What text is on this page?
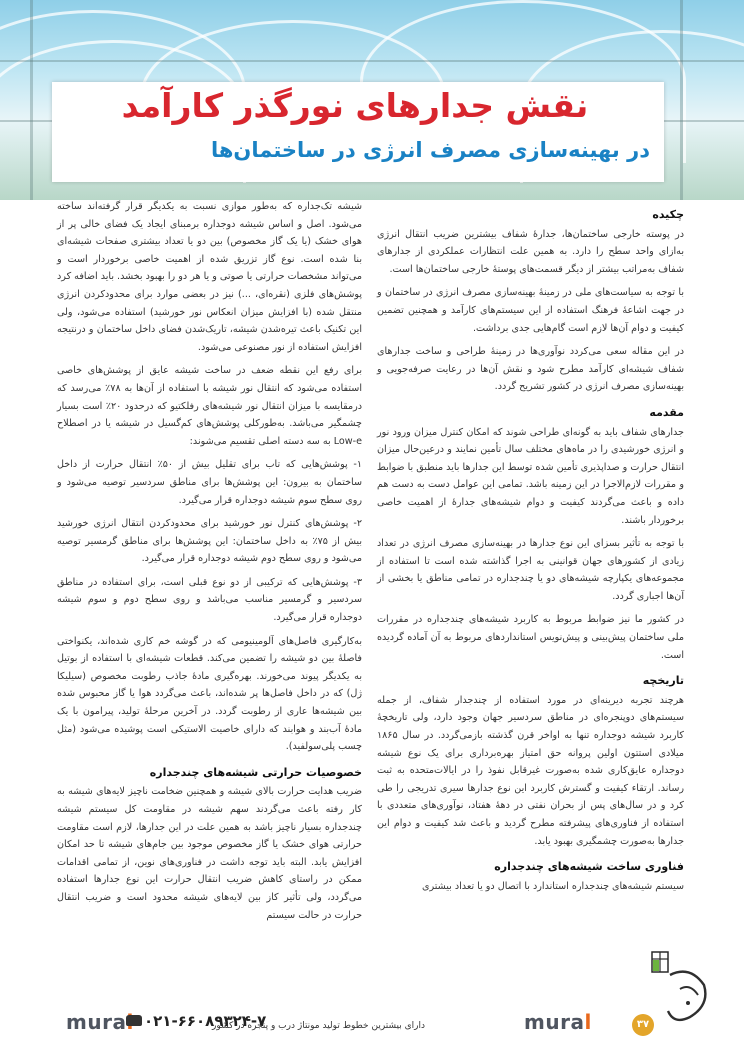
نقش جدارهای نورگذر کارآمد
در بهینه‌سازی مصرف انرژی در ساختمان‌ها
چکیده

در پوسته خارجی ساختمان‌ها، جدارهٔ شفاف بیشترین ضریب انتقال انرژی به‌ازای واحد سطح را دارد. به همین علت انتظارات عملکردی از جدارهای شفاف به‌مراتب بیشتر از دیگر قسمت‌های پوستهٔ خارجی ساختمان‌ها است.

با توجه به سیاست‌های ملی در زمینهٔ بهینه‌سازی مصرف انرژی در ساختمان و در جهت اشاعهٔ فرهنگ استفاده از این سیستم‌های کارآمد و همچنین تضمین کیفیت و دوام آن‌ها لازم است گام‌هایی جدی برداشت.

در این مقاله سعی می‌کردد نوآوری‌ها در زمینهٔ طراحی و ساخت جدارهای شفاف شیشه‌ای کارآمد مطرح شود و نقش آن‌ها در رعایت صرفه‌جویی و بهینه‌سازی مصرف انرژی در کشور تشریح گردد.

مقدمه

جدارهای شفاف باید به گونه‌ای طراحی شوند که امکان کنترل میزان ورود نور و انرژی خورشیدی را در ماه‌های مختلف سال تأمین نمایند و درعین‌حال میزان انتقال حرارت و صداپذیری تأمین شده توسط این جدارها باید منطبق با ضوابط و مقررات لازم‌الاجرا در این زمینه باشد. تمامی این عوامل دست به دست هم داده و باعث می‌گردند کیفیت و دوام شیشه‌های جدارهٔ از اهمیت خاصی برخوردار باشند.

با توجه به تأثیر بسزای این نوع جدارها در بهینه‌سازی مصرف انرژی در تعداد زیادی از کشورهای جهان قوانینی به اجرا گذاشته شده است تا استفاده از مجموعه‌های یکپارچه شیشه‌های دو یا چندجداره در تمامی مناطق یا بخشی از آن‌ها اجباری گردد.

در کشور ما نیز ضوابط مربوط به کاربرد شیشه‌های چندجداره در مقررات ملی ساختمان پیش‌بینی و پیش‌نویس استانداردهای مربوط به آن آماده گردیده است.

تاریخچه

هرچند تجربه دیرینه‌ای در مورد استفاده از چندجدار شفاف، از جمله سیستم‌های دوپنجره‌ای در مناطق سردسیر جهان وجود دارد، ولی تاریخچهٔ کاربرد شیشه دوجداره تنها به اواخر قرن گذشته بازمی‌گردد. در سال ۱۸۶۵ میلادی استتون اولین پروانه حق امتیاز بهره‌برداری برای یک نوع شیشه دوجداره عایق‌کاری شده به‌صورت غیرقابل نفوذ را در ایالات‌متحده به ثبت رساند. ارتقاء کیفیت و گسترش کاربرد این نوع جدارها سیری تدریجی را طی کرد و در سال‌های پس از بحران نفتی در دههٔ هفتاد، نوآوری‌های متعددی با استفاده از فناوری‌های پیشرفته مطرح گردید و باعث شد کیفیت و دوام این جدارها به‌صورت چشمگیری بهبود یابد.

فناوری ساخت شیشه‌های چندجداره

سیستم شیشه‌های چندجداره استاندارد با اتصال دو یا تعداد بیشتری

شیشه تک‌جداره که به‌طور موازی نسبت به یکدیگر قرار گرفته‌اند ساخته می‌شود. اصل و اساس شیشه دوجداره برمبنای ایجاد یک فضای خالی پر از هوای خشک (یا یک گاز مخصوص) بین دو یا تعداد بیشتری صفحات شیشه‌ای بنا شده است. نوع گاز تزریق شده از اهمیت خاصی برخوردار است و می‌تواند مشخصات حرارتی یا صوتی و یا هر دو را بهبود بخشد. باید اضافه کرد پوشش‌های فلزی (نقره‌ای، ...) نیز در بعضی موارد برای محدودکردن انرژی منتقل شده (با افزایش میزان انعکاس نور خورشید) استفاده می‌شود، ولی این تکنیک باعث تیره‌شدن شیشه، تاریک‌شدن فضای داخل ساختمان و درنتیجه افزایش استفاده از نور مصنوعی می‌شود.

برای رفع این نقطه ضعف در ساخت شیشه عایق از پوشش‌های خاصی استفاده می‌شود که انتقال نور شیشه با استفاده از آن‌ها به ۷۸٪ می‌رسد که درمقایسه با میزان انتقال نور شیشه‌های رفلکتیو که درحدود ۲۰٪ است بسیار چشمگیر می‌باشد. به‌طورکلی پوشش‌های کم‌گسیل در شیشه یا در اصطلاح Low-e به سه دسته اصلی تقسیم می‌شوند:

۱- پوشش‌هایی که تاب برای تقلیل بیش از ۵۰٪ انتقال حرارت از داخل ساختمان به بیرون: این پوشش‌ها برای مناطق سردسیر توصیه می‌شود و روی سطح سوم شیشه دوجداره قرار می‌گیرد.

۲- پوشش‌های کنترل نور خورشید برای محدودکردن انتقال انرژی خورشید بیش از ۷۵٪ به داخل ساختمان: این پوشش‌ها برای مناطق گرمسیر توصیه می‌شود و روی سطح دوم شیشه دوجداره قرار می‌گیرد.

۳- پوشش‌هایی که ترکیبی از دو نوع قبلی است، برای استفاده در مناطق سردسیر و گرمسیر مناسب می‌باشد و روی سطح دوم و سوم شیشه دوجداره قرار می‌گیرد.

به‌کارگیری فاصل‌های آلومینیومی که در گوشه خم کاری شده‌اند، یکنواختی فاصلهٔ بین دو شیشه را تضمین می‌کند. قطعات شیشه‌ای با استفاده از بوتیل به یکدیگر پیوند می‌خورند. بهره‌گیری مادهٔ جاذب رطوبت مخصوص (سیلیکا ژل) که در داخل فاصل‌ها پر شده‌اند، باعث می‌گردد هوا یا گاز محبوس شده بین شیشه‌ها عاری از رطوبت گردد. در آخرین مرحلهٔ تولید، پیرامون با یک مادهٔ آب‌بند و هوابند که دارای خاصیت الاستیکی است پوشیده می‌شود (مثل چسب پلی‌سولفید).

خصوصیات حرارتی شیشه‌های چندجداره

ضریب هدایت حرارت بالای شیشه و همچنین ضخامت ناچیز لایه‌های شیشه به کار رفته باعث می‌گردند سهم شیشه در مقاومت کل سیستم شیشه چندجداره بسیار ناچیز باشد به همین علت در این جدارها، لازم است مقاومت حرارتی هوای خشک یا گاز مخصوص موجود بین جام‌های شیشه تا حد امکان افزایش یابد. البته باید توجه داشت در فناوری‌های نوین، از تمامی اقدامات ممکن در راستای کاهش ضریب انتقال حرارت این نوع جدارها استفاده می‌گردد، ولی تأثیر کاز بین لایه‌های شیشه محدود است و ضریب انتقال حرارت در حالت سیستم

mura	۰۲۱-۶۶۰۸۹۳۲۴-۷
دارای بیشترین خطوط تولید مونتاژ درب و پنجره در کشور	mural	۳۷
